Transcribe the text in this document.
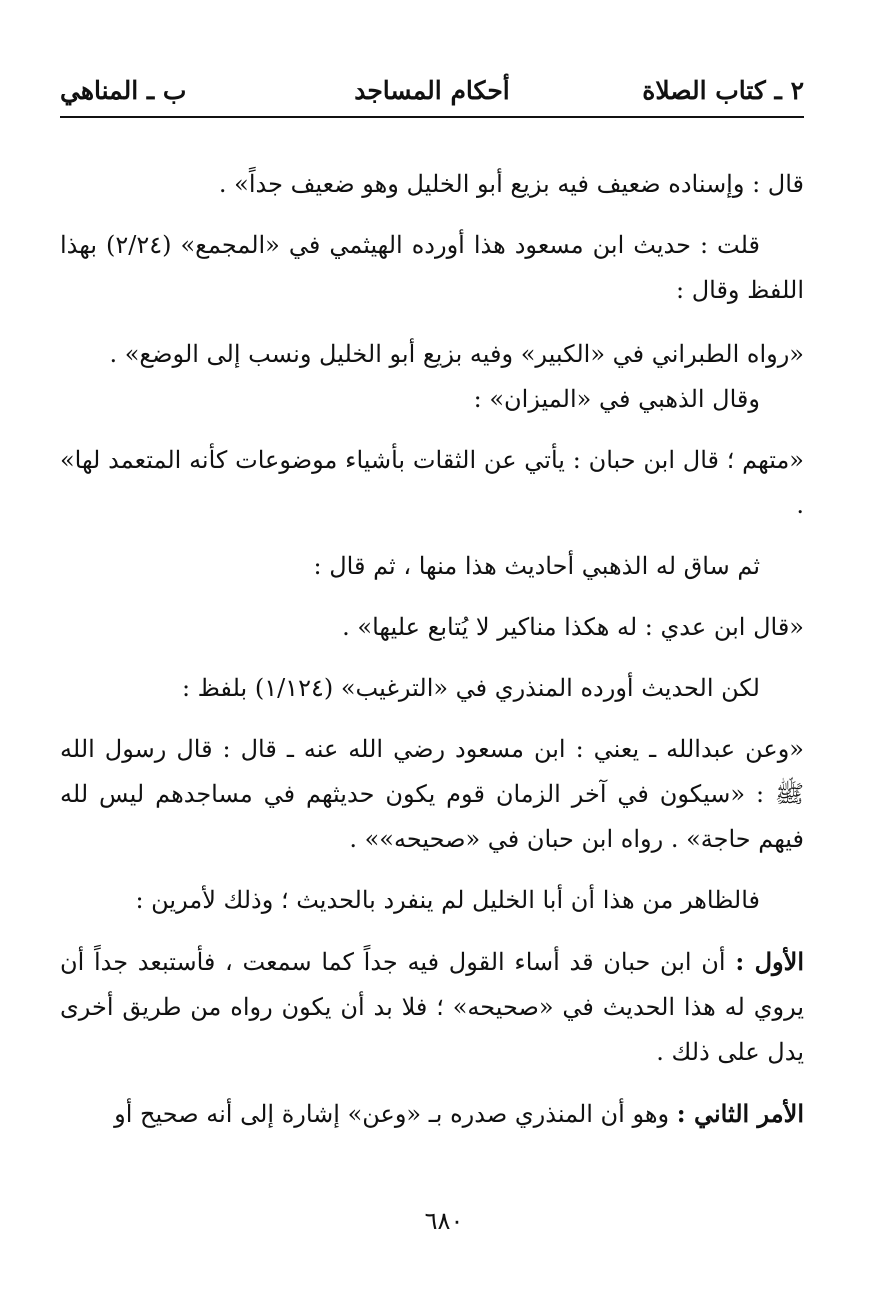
٢ ـ كتاب الصلاة
أحكام المساجد
ب ـ المناهي

قال : وإسناده ضعيف فيه بزيع أبو الخليل وهو ضعيف جداً» .

قلت : حديث ابن مسعود هذا أورده الهيثمي في «المجمع» (٢/٢٤) بهذا اللفظ وقال :

«رواه الطبراني في «الكبير» وفيه بزيع أبو الخليل ونسب إلى الوضع» .

وقال الذهبي في «الميزان» :

«متهم ؛ قال ابن حبان : يأتي عن الثقات بأشياء موضوعات كأنه المتعمد لها» .

ثم ساق له الذهبي أحاديث هذا منها ، ثم قال :

«قال ابن عدي : له هكذا مناكير لا يُتابع عليها» .

لكن الحديث أورده المنذري في «الترغيب» (١/١٢٤) بلفظ :

«وعن عبدالله ـ يعني : ابن مسعود رضي الله عنه ـ قال : قال رسول الله ﷺ : «سيكون في آخر الزمان قوم يكون حديثهم في مساجدهم ليس لله فيهم حاجة» . رواه ابن حبان في «صحيحه»» .

فالظاهر من هذا أن أبا الخليل لم ينفرد بالحديث ؛ وذلك لأمرين :

الأول : أن ابن حبان قد أساء القول فيه جداً كما سمعت ، فأستبعد جداً أن يروي له هذا الحديث في «صحيحه» ؛ فلا بد أن يكون رواه من طريق أخرى يدل على ذلك .

الأمر الثاني : وهو أن المنذري صدره بـ «وعن» إشارة إلى أنه صحيح أو

٦٨٠
